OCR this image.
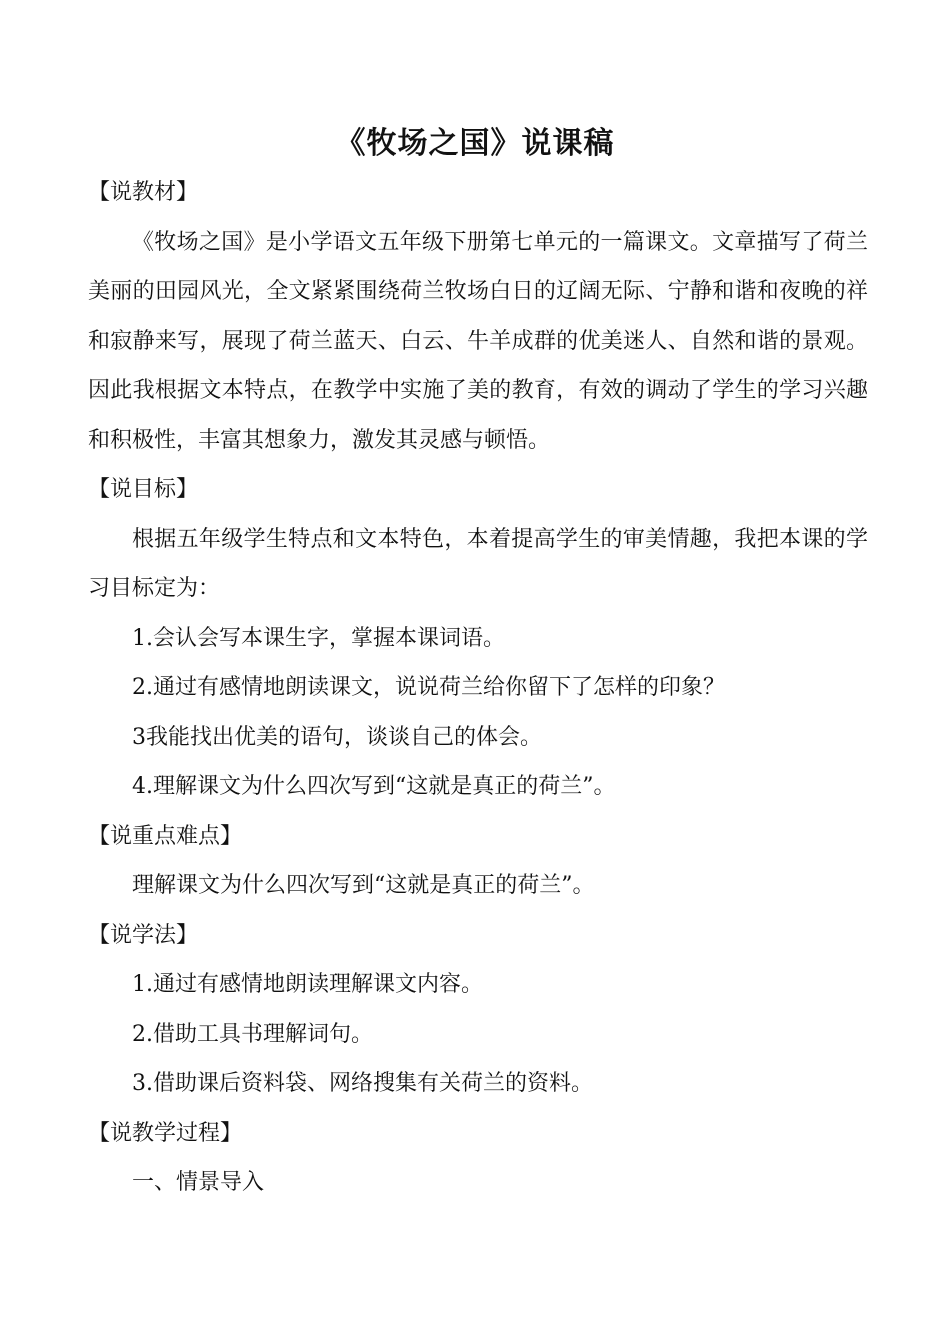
《牧场之国》说课稿

【说教材】

《牧场之国》是小学语文五年级下册第七单元的一篇课文。文章描写了荷兰美丽的田园风光，全文紧紧围绕荷兰牧场白日的辽阔无际、宁静和谐和夜晚的祥和寂静来写，展现了荷兰蓝天、白云、牛羊成群的优美迷人、自然和谐的景观。因此我根据文本特点，在教学中实施了美的教育，有效的调动了学生的学习兴趣和积极性，丰富其想象力，激发其灵感与顿悟。

【说目标】

根据五年级学生特点和文本特色，本着提高学生的审美情趣，我把本课的学习目标定为：

1.会认会写本课生字，掌握本课词语。

2.通过有感情地朗读课文，说说荷兰给你留下了怎样的印象？

3我能找出优美的语句，谈谈自己的体会。

4.理解课文为什么四次写到“这就是真正的荷兰”。

【说重点难点】

理解课文为什么四次写到“这就是真正的荷兰”。

【说学法】

1.通过有感情地朗读理解课文内容。

2.借助工具书理解词句。

3.借助课后资料袋、网络搜集有关荷兰的资料。

【说教学过程】

一、情景导入
